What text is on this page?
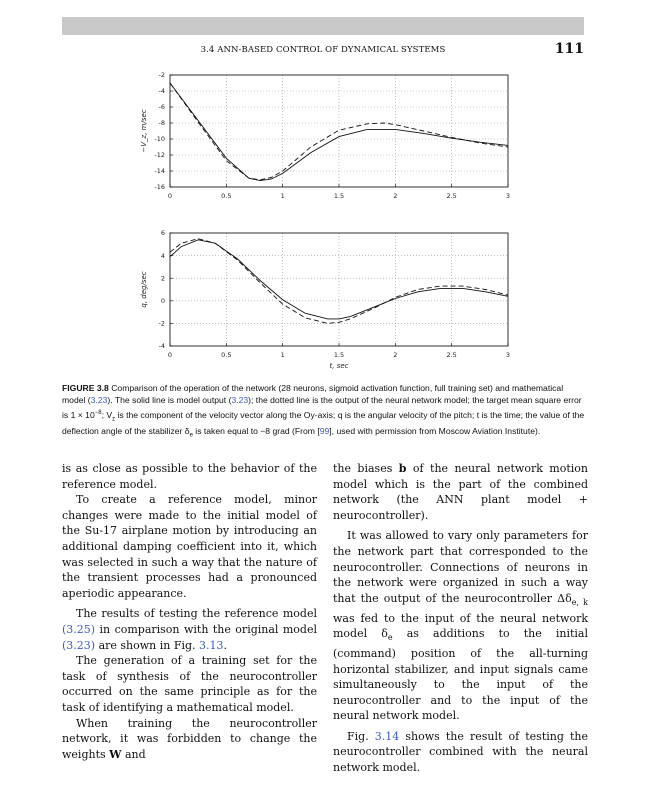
3.4 ANN-BASED CONTROL OF DYNAMICAL SYSTEMS	111
0	0.5	1	1.5	2	2.5	3
-2
-4
-6
-8
-10
-12
-14
-16
−V_z, m/sec
0	0.5	1	1.5	2	2.5	3
6
4
2
0
-2
-4
q, deg/sec
t, sec
FIGURE 3.8 Comparison of the operation of the network (28 neurons, sigmoid activation function, full training set) and mathematical model (3.23). The solid line is model output (3.23); the dotted line is the output of the neural network model; the target mean square error is $1 \times 10^{-8}$; $V_z$ is the component of the velocity vector along the Oy-axis; q is the angular velocity of the pitch; t is the time; the value of the deflection angle of the stabilizer $\delta_e$ is taken equal to −8 grad (From [99], used with permission from Moscow Aviation Institute).

is as close as possible to the behavior of the reference model.

To create a reference model, minor changes were made to the initial model of the Su-17 airplane motion by introducing an additional damping coefficient into it, which was selected in such a way that the nature of the transient processes had a pronounced aperiodic appearance.

The results of testing the reference model (3.25) in comparison with the original model (3.23) are shown in Fig. 3.13.

The generation of a training set for the task of synthesis of the neurocontroller occurred on the same principle as for the task of identifying a mathematical model.

When training the neurocontroller network, it was forbidden to change the weights W and

the biases b of the neural network motion model which is the part of the combined network (the ANN plant model + neurocontroller).

It was allowed to vary only parameters for the network part that corresponded to the neurocontroller. Connections of neurons in the network were organized in such a way that the output of the neurocontroller $\Delta\delta_{e, k}$ was fed to the input of the neural network model $\delta_e$ as additions to the initial (command) position of the all-turning horizontal stabilizer, and input signals came simultaneously to the input of the neurocontroller and to the input of the neural network model.

Fig. 3.14 shows the result of testing the neurocontroller combined with the neural network model.
